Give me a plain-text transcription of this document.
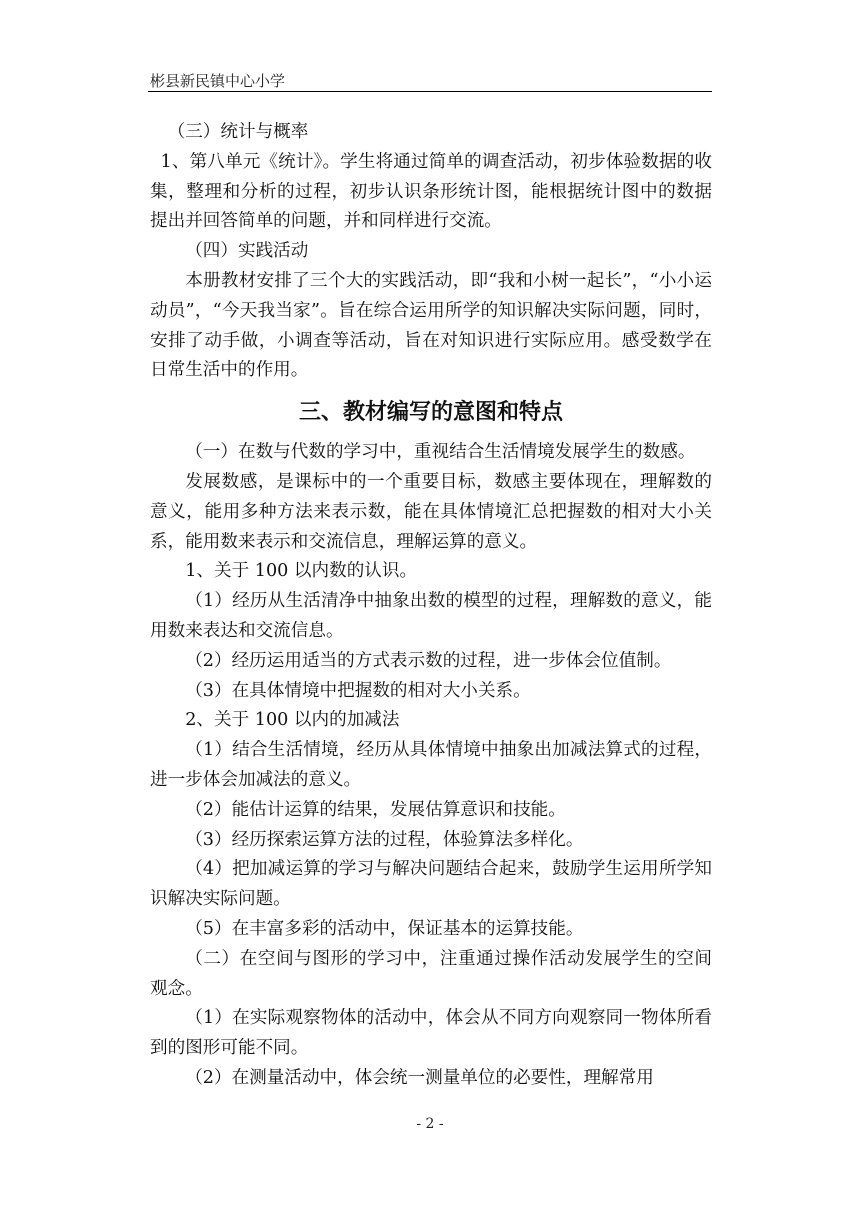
彬县新民镇中心小学

（三）统计与概率

1、第八单元《统计》。学生将通过简单的调查活动，初步体验数据的收集，整理和分析的过程，初步认识条形统计图，能根据统计图中的数据提出并回答简单的问题，并和同样进行交流。

（四）实践活动

本册教材安排了三个大的实践活动，即“我和小树一起长”，“小小运动员”，“今天我当家”。旨在综合运用所学的知识解决实际问题，同时，安排了动手做，小调查等活动，旨在对知识进行实际应用。感受数学在日常生活中的作用。

三、教材编写的意图和特点

（一）在数与代数的学习中，重视结合生活情境发展学生的数感。

发展数感，是课标中的一个重要目标，数感主要体现在，理解数的意义，能用多种方法来表示数，能在具体情境汇总把握数的相对大小关系，能用数来表示和交流信息，理解运算的意义。

1、关于 100 以内数的认识。

（1）经历从生活清净中抽象出数的模型的过程，理解数的意义，能用数来表达和交流信息。

（2）经历运用适当的方式表示数的过程，进一步体会位值制。

（3）在具体情境中把握数的相对大小关系。

2、关于 100 以内的加减法

（1）结合生活情境，经历从具体情境中抽象出加减法算式的过程，进一步体会加减法的意义。

（2）能估计运算的结果，发展估算意识和技能。

（3）经历探索运算方法的过程，体验算法多样化。

（4）把加减运算的学习与解决问题结合起来，鼓励学生运用所学知识解决实际问题。

（5）在丰富多彩的活动中，保证基本的运算技能。

（二）在空间与图形的学习中，注重通过操作活动发展学生的空间观念。

（1）在实际观察物体的活动中，体会从不同方向观察同一物体所看到的图形可能不同。

（2）在测量活动中，体会统一测量单位的必要性，理解常用

- 2 -
